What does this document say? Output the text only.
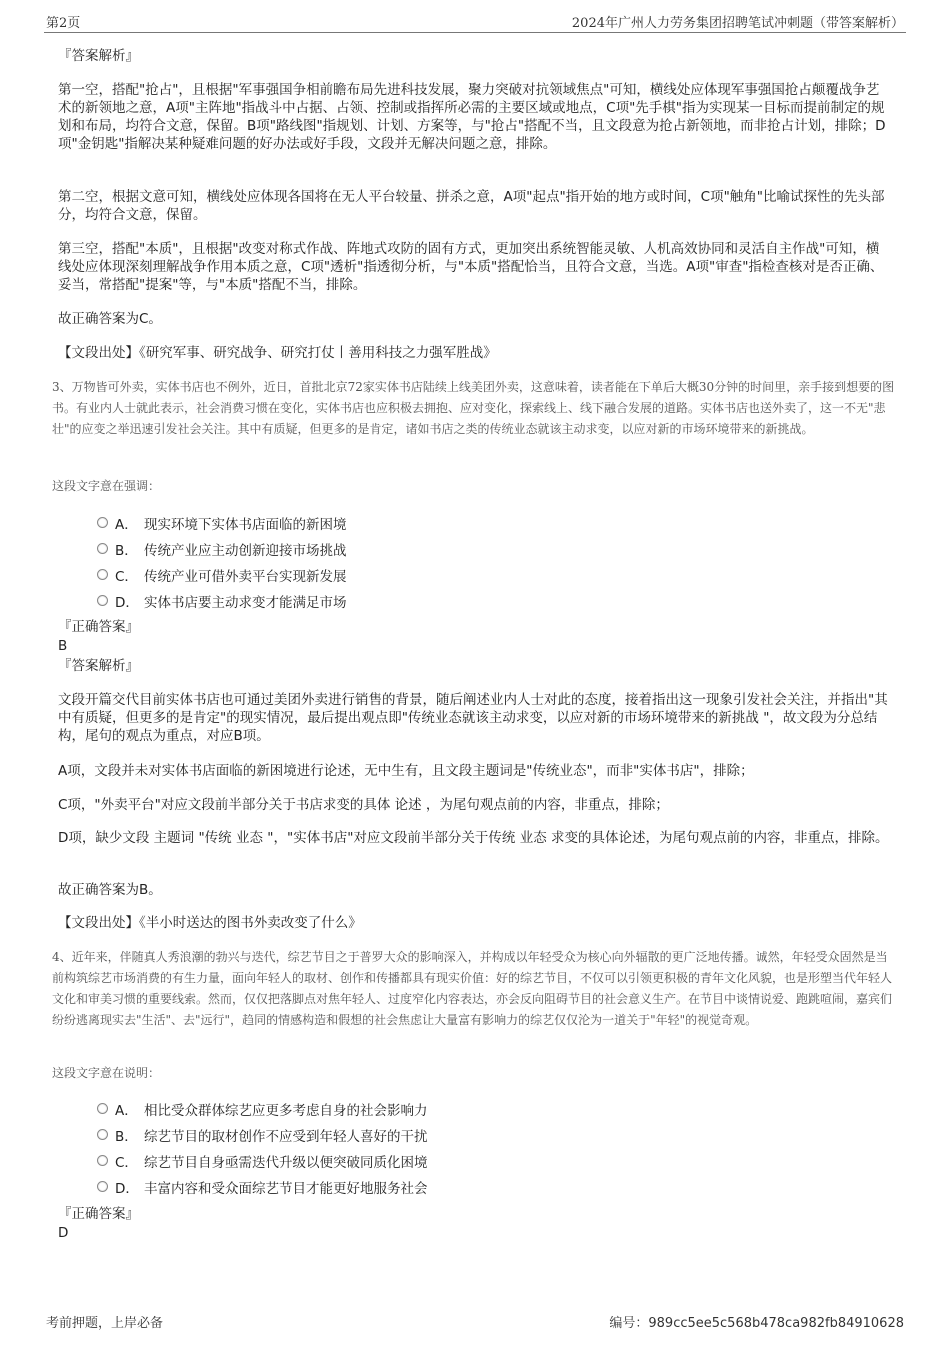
第2页	2024年广州人力劳务集团招聘笔试冲刺题（带答案解析）
『答案解析』
第一空，搭配"抢占"，且根据"军事强国争相前瞻布局先进科技发展，聚力突破对抗领域焦点"可知，横线处应体现军事强国抢占颠覆战争艺术的新领地之意，A项"主阵地"指战斗中占据、占领、控制或指挥所必需的主要区域或地点，C项"先手棋"指为实现某一目标而提前制定的规划和布局，均符合文意，保留。B项"路线图"指规划、计划、方案等，与"抢占"搭配不当，且文段意为抢占新领地，而非抢占计划，排除；D项"金钥匙"指解决某种疑难问题的好办法或好手段，文段并无解决问题之意，排除。
第二空，根据文意可知，横线处应体现各国将在无人平台较量、拼杀之意，A项"起点"指开始的地方或时间，C项"触角"比喻试探性的先头部分，均符合文意，保留。
第三空，搭配"本质"，且根据"改变对称式作战、阵地式攻防的固有方式，更加突出系统智能灵敏、人机高效协同和灵活自主作战"可知，横线处应体现深刻理解战争作用本质之意，C项"透析"指透彻分析，与"本质"搭配恰当，且符合文意，当选。A项"审查"指检查核对是否正确、妥当，常搭配"提案"等，与"本质"搭配不当，排除。
故正确答案为C。
【文段出处】《研究军事、研究战争、研究打仗丨善用科技之力强军胜战》
3、万物皆可外卖，实体书店也不例外，近日，首批北京72家实体书店陆续上线美团外卖，这意味着，读者能在下单后大概30分钟的时间里，亲手接到想要的图书。有业内人士就此表示，社会消费习惯在变化，实体书店也应积极去拥抱、应对变化，探索线上、线下融合发展的道路。实体书店也送外卖了，这一不无"悲壮"的应变之举迅速引发社会关注。其中有质疑，但更多的是肯定，诸如书店之类的传统业态就该主动求变，以应对新的市场环境带来的新挑战。
这段文字意在强调：
A． 现实环境下实体书店面临的新困境
B． 传统产业应主动创新迎接市场挑战
C． 传统产业可借外卖平台实现新发展
D． 实体书店要主动求变才能满足市场
『正确答案』
B
『答案解析』
文段开篇交代目前实体书店也可通过美团外卖进行销售的背景，随后阐述业内人士对此的态度，接着指出这一现象引发社会关注，并指出"其中有质疑，但更多的是肯定"的现实情况，最后提出观点即"传统业态就该主动求变，以应对新的市场环境带来的新挑战 "，故文段为分总结构，尾句的观点为重点，对应B项。
A项，文段并未对实体书店面临的新困境进行论述，无中生有，且文段主题词是"传统业态"，而非"实体书店"，排除；
C项，"外卖平台"对应文段前半部分关于书店求变的具体 论述 ，为尾句观点前的内容，非重点，排除；
D项，缺少文段 主题词 "传统 业态 "，"实体书店"对应文段前半部分关于传统 业态 求变的具体论述，为尾句观点前的内容，非重点，排除。
故正确答案为B。
【文段出处】《半小时送达的图书外卖改变了什么》
4、近年来，伴随真人秀浪潮的勃兴与迭代，综艺节目之于普罗大众的影响深入，并构成以年轻受众为核心向外辐散的更广泛地传播。诚然，年轻受众固然是当前构筑综艺市场消费的有生力量，面向年轻人的取材、创作和传播都具有现实价值：好的综艺节目，不仅可以引领更积极的青年文化风貌，也是形塑当代年轻人文化和审美习惯的重要线索。然而，仅仅把落脚点对焦年轻人、过度窄化内容表达，亦会反向阻碍节目的社会意义生产。在节目中谈情说爱、跑跳喧闹，嘉宾们纷纷逃离现实去"生活"、去"远行"，趋同的情感构造和假想的社会焦虑让大量富有影响力的综艺仅仅沦为一道关于"年轻"的视觉奇观。
这段文字意在说明：
A． 相比受众群体综艺应更多考虑自身的社会影响力
B． 综艺节目的取材创作不应受到年轻人喜好的干扰
C． 综艺节目自身亟需迭代升级以便突破同质化困境
D． 丰富内容和受众面综艺节目才能更好地服务社会
『正确答案』
D
考前押题，上岸必备	编号：989cc5ee5c568b478ca982fb84910628
